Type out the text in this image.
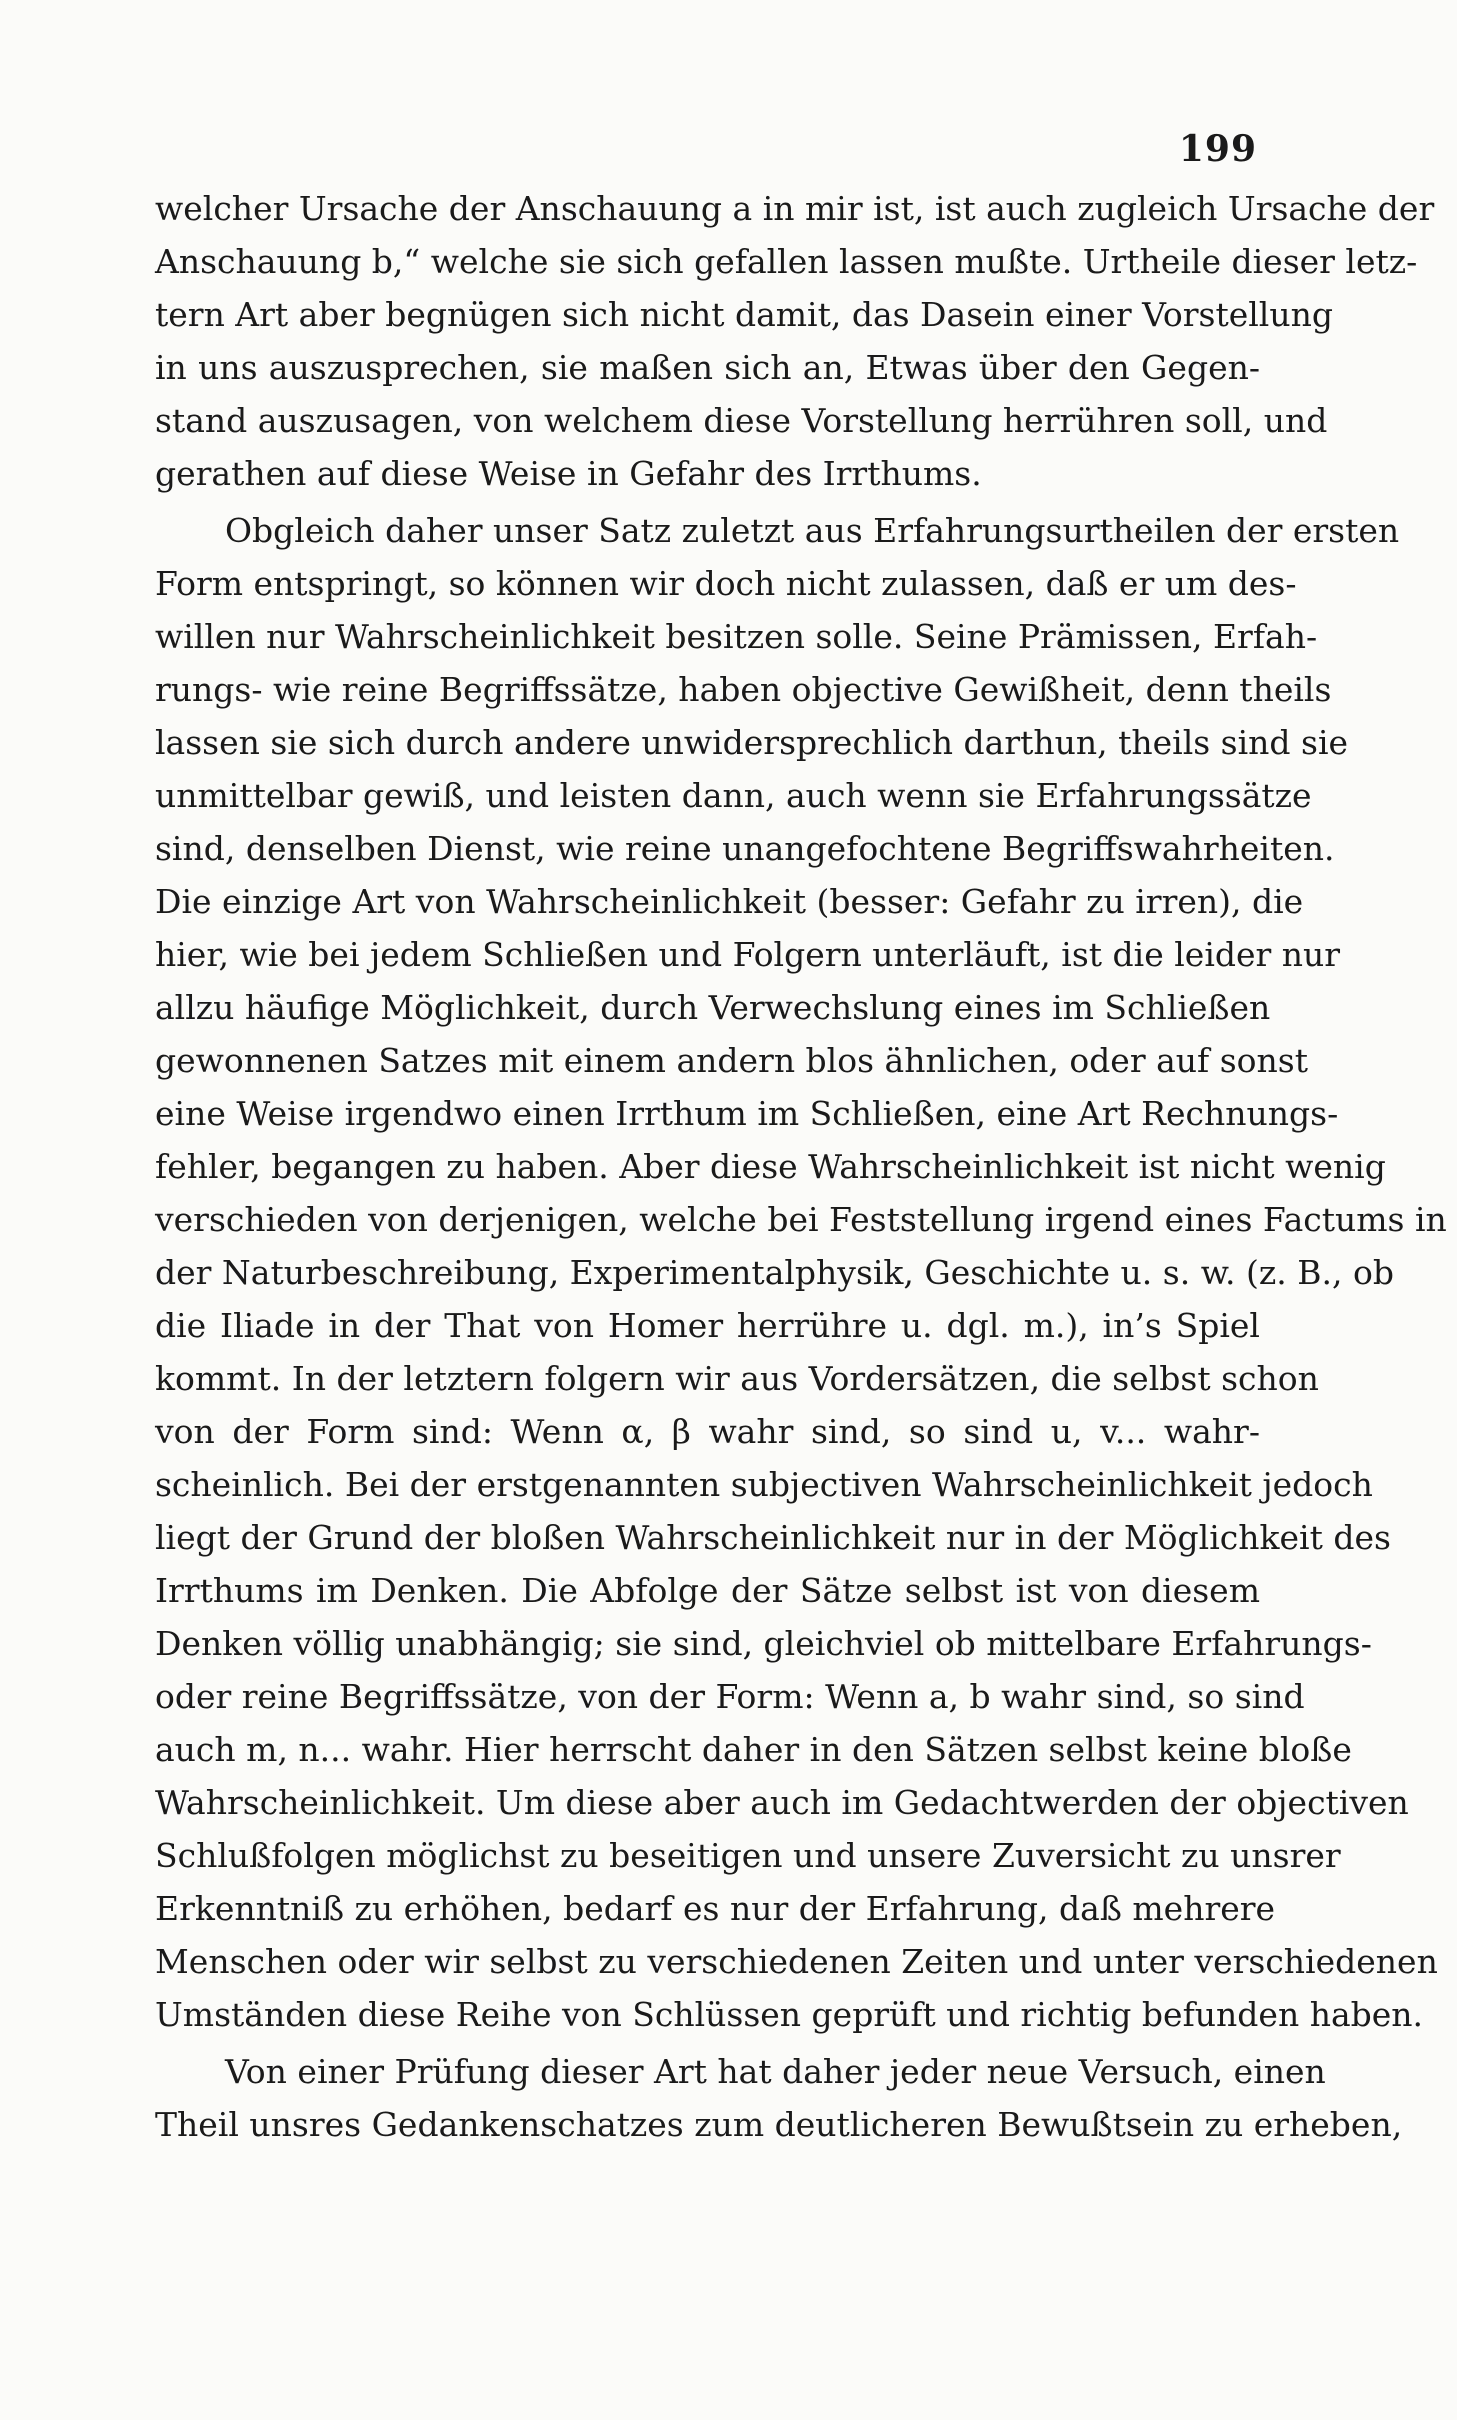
199
welcher Ursache der Anschauung a in mir ist, ist auch zugleich Ursache der
Anschauung b,“ welche sie sich gefallen lassen mußte. Urtheile dieser letz-
tern Art aber begnügen sich nicht damit, das Dasein einer Vorstellung
in uns auszusprechen, sie maßen sich an, Etwas über den Gegen-
stand auszusagen, von welchem diese Vorstellung herrühren soll, und
gerathen auf diese Weise in Gefahr des Irrthums.
Obgleich daher unser Satz zuletzt aus Erfahrungsurtheilen der ersten
Form entspringt, so können wir doch nicht zulassen, daß er um des-
willen nur Wahrscheinlichkeit besitzen solle. Seine Prämissen, Erfah-
rungs- wie reine Begriffssätze, haben objective Gewißheit, denn theils
lassen sie sich durch andere unwidersprechlich darthun, theils sind sie
unmittelbar gewiß, und leisten dann, auch wenn sie Erfahrungssätze
sind, denselben Dienst, wie reine unangefochtene Begriffswahrheiten.
Die einzige Art von Wahrscheinlichkeit (besser: Gefahr zu irren), die
hier, wie bei jedem Schließen und Folgern unterläuft, ist die leider nur
allzu häufige Möglichkeit, durch Verwechslung eines im Schließen
gewonnenen Satzes mit einem andern blos ähnlichen, oder auf sonst
eine Weise irgendwo einen Irrthum im Schließen, eine Art Rechnungs-
fehler, begangen zu haben. Aber diese Wahrscheinlichkeit ist nicht wenig
verschieden von derjenigen, welche bei Feststellung irgend eines Factums in
der Naturbeschreibung, Experimentalphysik, Geschichte u. s. w. (z. B., ob
die Iliade in der That von Homer herrühre u. dgl. m.), in’s Spiel
kommt. In der letztern folgern wir aus Vordersätzen, die selbst schon
von der Form sind: Wenn α, β wahr sind, so sind u, v... wahr-
scheinlich. Bei der erstgenannten subjectiven Wahrscheinlichkeit jedoch
liegt der Grund der bloßen Wahrscheinlichkeit nur in der Möglichkeit des
Irrthums im Denken. Die Abfolge der Sätze selbst ist von diesem
Denken völlig unabhängig; sie sind, gleichviel ob mittelbare Erfahrungs-
oder reine Begriffssätze, von der Form: Wenn a, b wahr sind, so sind
auch m, n... wahr. Hier herrscht daher in den Sätzen selbst keine bloße
Wahrscheinlichkeit. Um diese aber auch im Gedachtwerden der objectiven
Schlußfolgen möglichst zu beseitigen und unsere Zuversicht zu unsrer
Erkenntniß zu erhöhen, bedarf es nur der Erfahrung, daß mehrere
Menschen oder wir selbst zu verschiedenen Zeiten und unter verschiedenen
Umständen diese Reihe von Schlüssen geprüft und richtig befunden haben.
Von einer Prüfung dieser Art hat daher jeder neue Versuch, einen
Theil unsres Gedankenschatzes zum deutlicheren Bewußtsein zu erheben,
